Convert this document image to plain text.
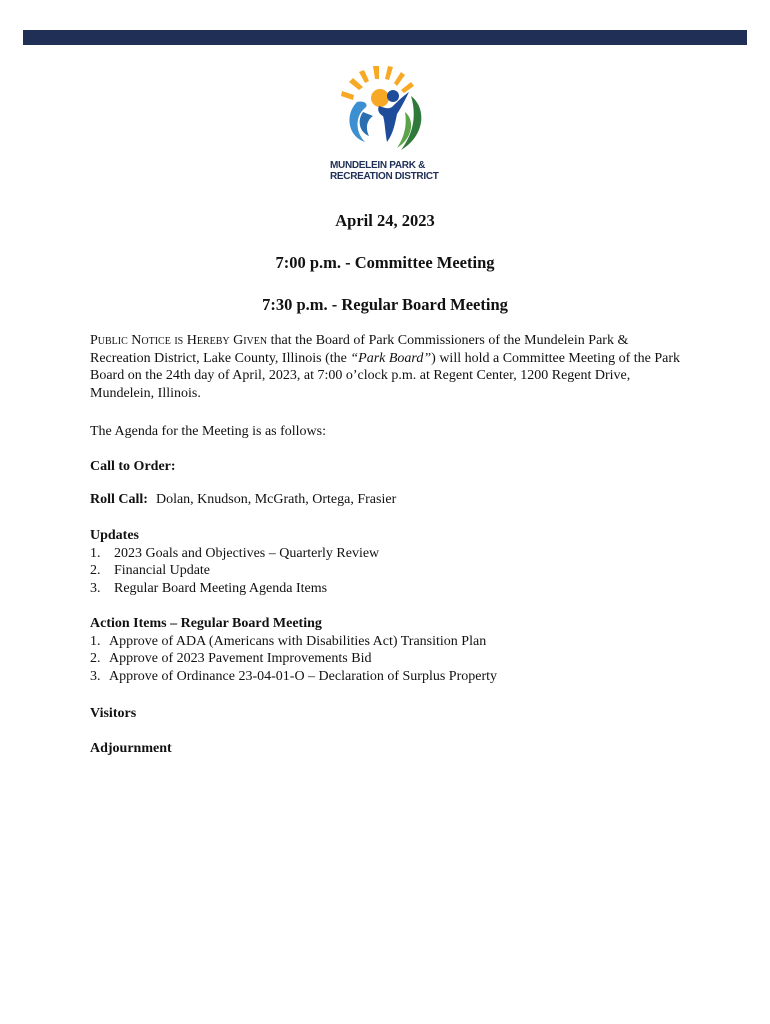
MUNDELEIN PARK &
RECREATION DISTRICT
April 24, 2023
7:00 p.m. - Committee Meeting
7:30 p.m. - Regular Board Meeting
Public Notice is Hereby Given that the Board of Park Commissioners of the Mundelein Park & Recreation District, Lake County, Illinois (the “Park Board”) will hold a Committee Meeting of the Park Board on the 24th day of April, 2023, at 7:00 o’clock p.m. at Regent Center, 1200 Regent Drive, Mundelein, Illinois.
The Agenda for the Meeting is as follows:
Call to Order:
Roll Call: Dolan, Knudson, McGrath, Ortega, Frasier
Updates
1. 2023 Goals and Objectives – Quarterly Review
2. Financial Update
3. Regular Board Meeting Agenda Items
Action Items – Regular Board Meeting
1. Approve of ADA (Americans with Disabilities Act) Transition Plan
2. Approve of 2023 Pavement Improvements Bid
3. Approve of Ordinance 23-04-01-O – Declaration of Surplus Property
Visitors
Adjournment
